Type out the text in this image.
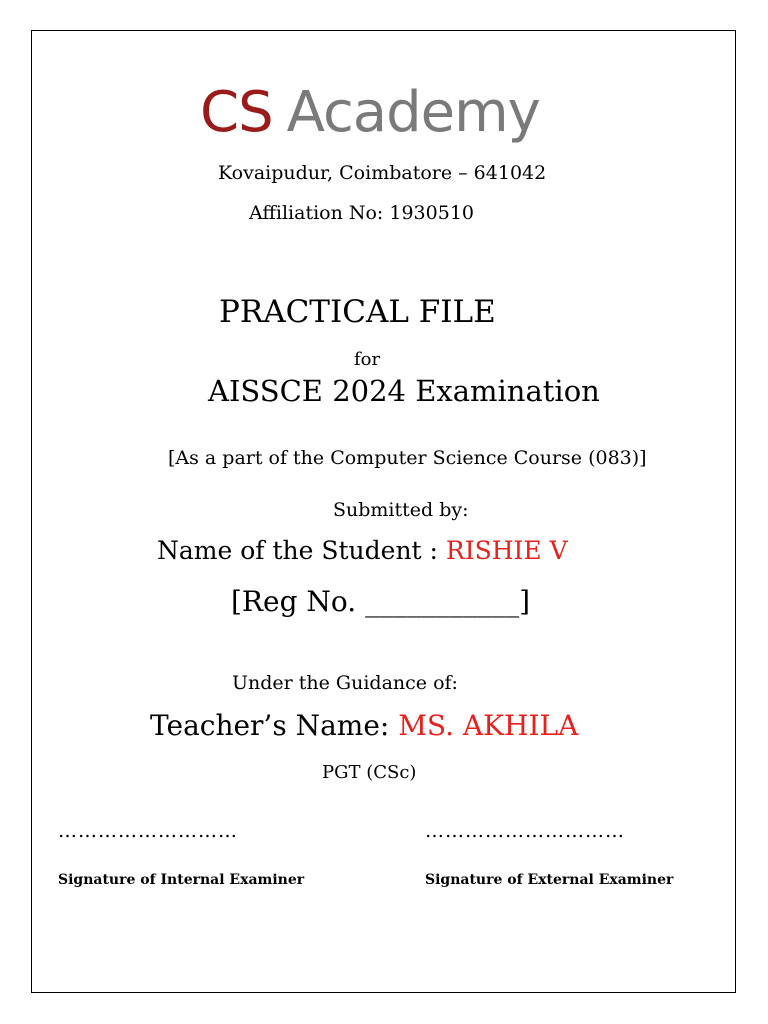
CS Academy
Kovaipudur, Coimbatore – 641042
Affiliation No: 1930510
PRACTICAL FILE
for
AISSCE 2024 Examination
[As a part of the Computer Science Course (083)]
Submitted by:
Name of the Student : RISHIE V
[Reg No. ___________]
Under the Guidance of:
Teacher’s Name: MS. AKHILA
PGT (CSc)
………………………	…………………………
Signature of Internal Examiner	Signature of External Examiner
